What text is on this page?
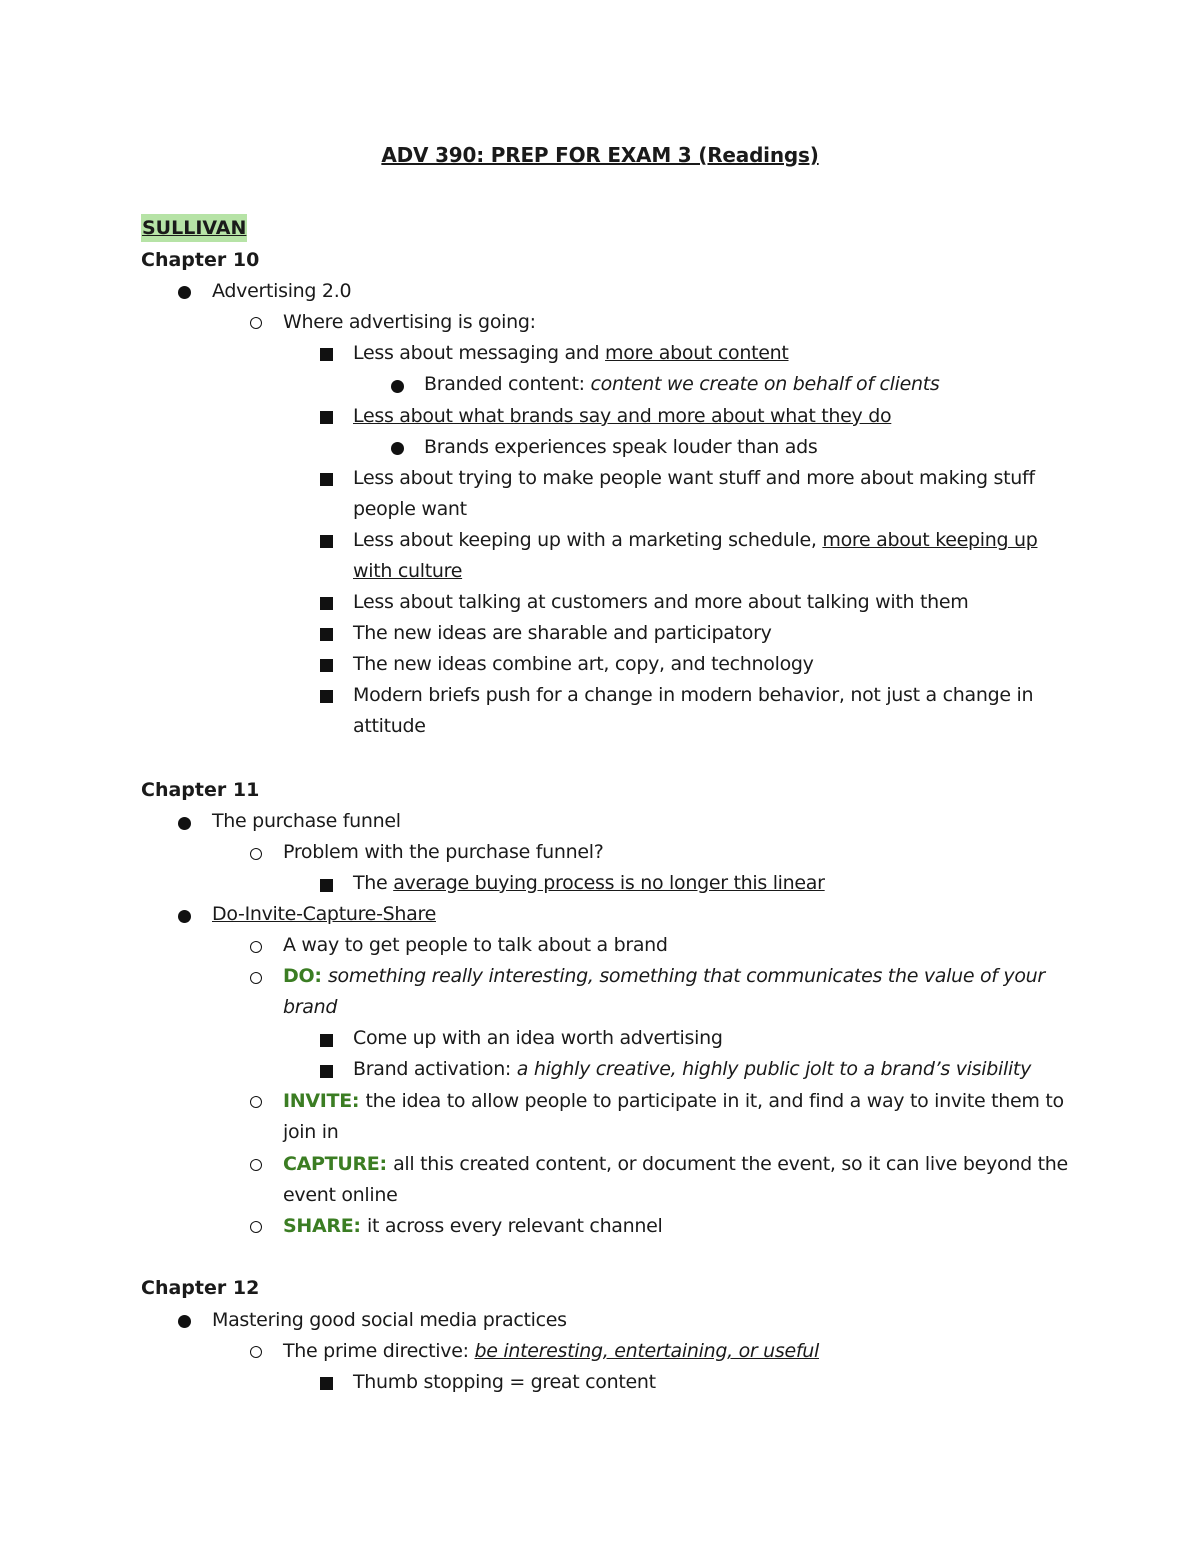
ADV 390: PREP FOR EXAM 3 (Readings)
SULLIVAN
Chapter 10
Advertising 2.0
Where advertising is going:
Less about messaging and more about content
Branded content: content we create on behalf of clients
Less about what brands say and more about what they do
Brands experiences speak louder than ads
Less about trying to make people want stuff and more about making stuff
people want
Less about keeping up with a marketing schedule, more about keeping up
with culture
Less about talking at customers and more about talking with them
The new ideas are sharable and participatory
The new ideas combine art, copy, and technology
Modern briefs push for a change in modern behavior, not just a change in
attitude
Chapter 11
The purchase funnel
Problem with the purchase funnel?
The average buying process is no longer this linear
Do-Invite-Capture-Share
A way to get people to talk about a brand
DO: something really interesting, something that communicates the value of your
brand
Come up with an idea worth advertising
Brand activation: a highly creative, highly public jolt to a brand’s visibility
INVITE: the idea to allow people to participate in it, and find a way to invite them to
join in
CAPTURE: all this created content, or document the event, so it can live beyond the
event online
SHARE: it across every relevant channel
Chapter 12
Mastering good social media practices
The prime directive: be interesting, entertaining, or useful
Thumb stopping = great content
